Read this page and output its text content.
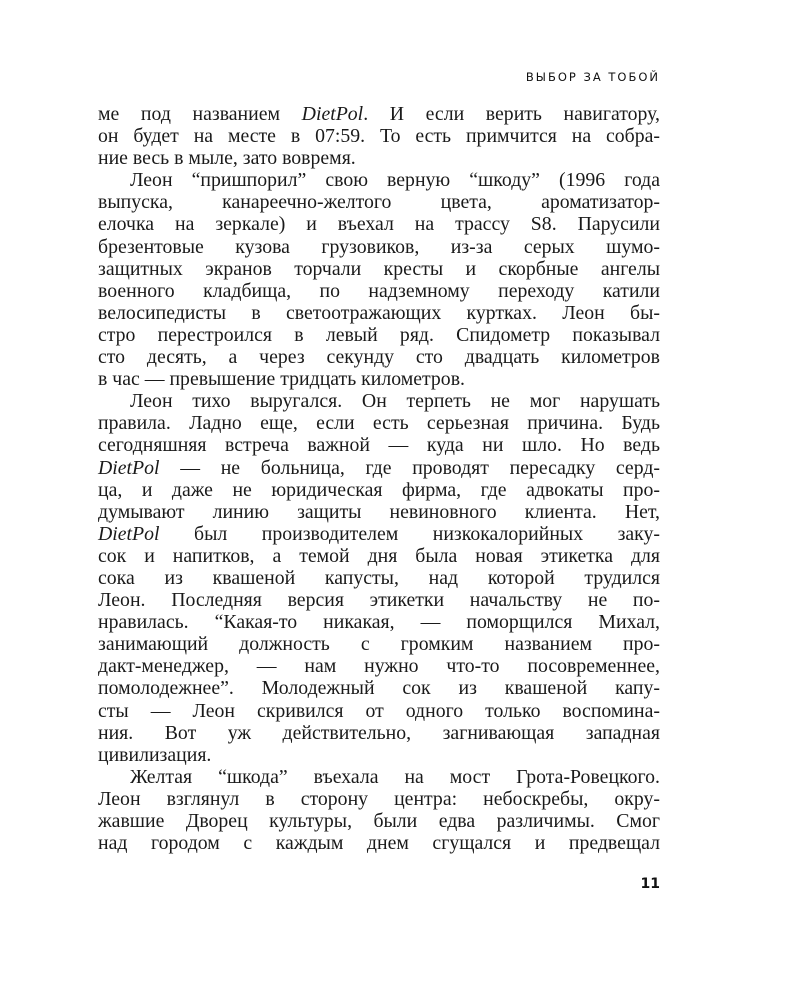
ВЫБОР ЗА ТОБОЙ
ме под названием DietPol. И если верить навигатору,
он будет на месте в 07:59. То есть примчится на собра-
ние весь в мыле, зато вовремя.
Леон “пришпорил” свою верную “шкоду” (1996 года
выпуска, канареечно-желтого цвета, ароматизатор-
елочка на зеркале) и въехал на трассу S8. Парусили
брезентовые кузова грузовиков, из-за серых шумо-
защитных экранов торчали кресты и скорбные ангелы
военного кладбища, по надземному переходу катили
велосипедисты в светоотражающих куртках. Леон бы-
стро перестроился в левый ряд. Спидометр показывал
сто десять, а через секунду сто двадцать километров
в час — превышение тридцать километров.
Леон тихо выругался. Он терпеть не мог нарушать
правила. Ладно еще, если есть серьезная причина. Будь
сегодняшняя встреча важной — куда ни шло. Но ведь
DietPol — не больница, где проводят пересадку серд-
ца, и даже не юридическая фирма, где адвокаты про-
думывают линию защиты невиновного клиента. Нет,
DietPol был производителем низкокалорийных заку-
сок и напитков, а темой дня была новая этикетка для
сока из квашеной капусты, над которой трудился
Леон. Последняя версия этикетки начальству не по-
нравилась. “Какая-то никакая, — поморщился Михал,
занимающий должность с громким названием про-
дакт-менеджер, — нам нужно что-то посовременнее,
помолодежнее”. Молодежный сок из квашеной капу-
сты — Леон скривился от одного только воспомина-
ния. Вот уж действительно, загнивающая западная
цивилизация.
Желтая “шкода” въехала на мост Грота-Ровецкого.
Леон взглянул в сторону центра: небоскребы, окру-
жавшие Дворец культуры, были едва различимы. Смог
над городом с каждым днем сгущался и предвещал
11
